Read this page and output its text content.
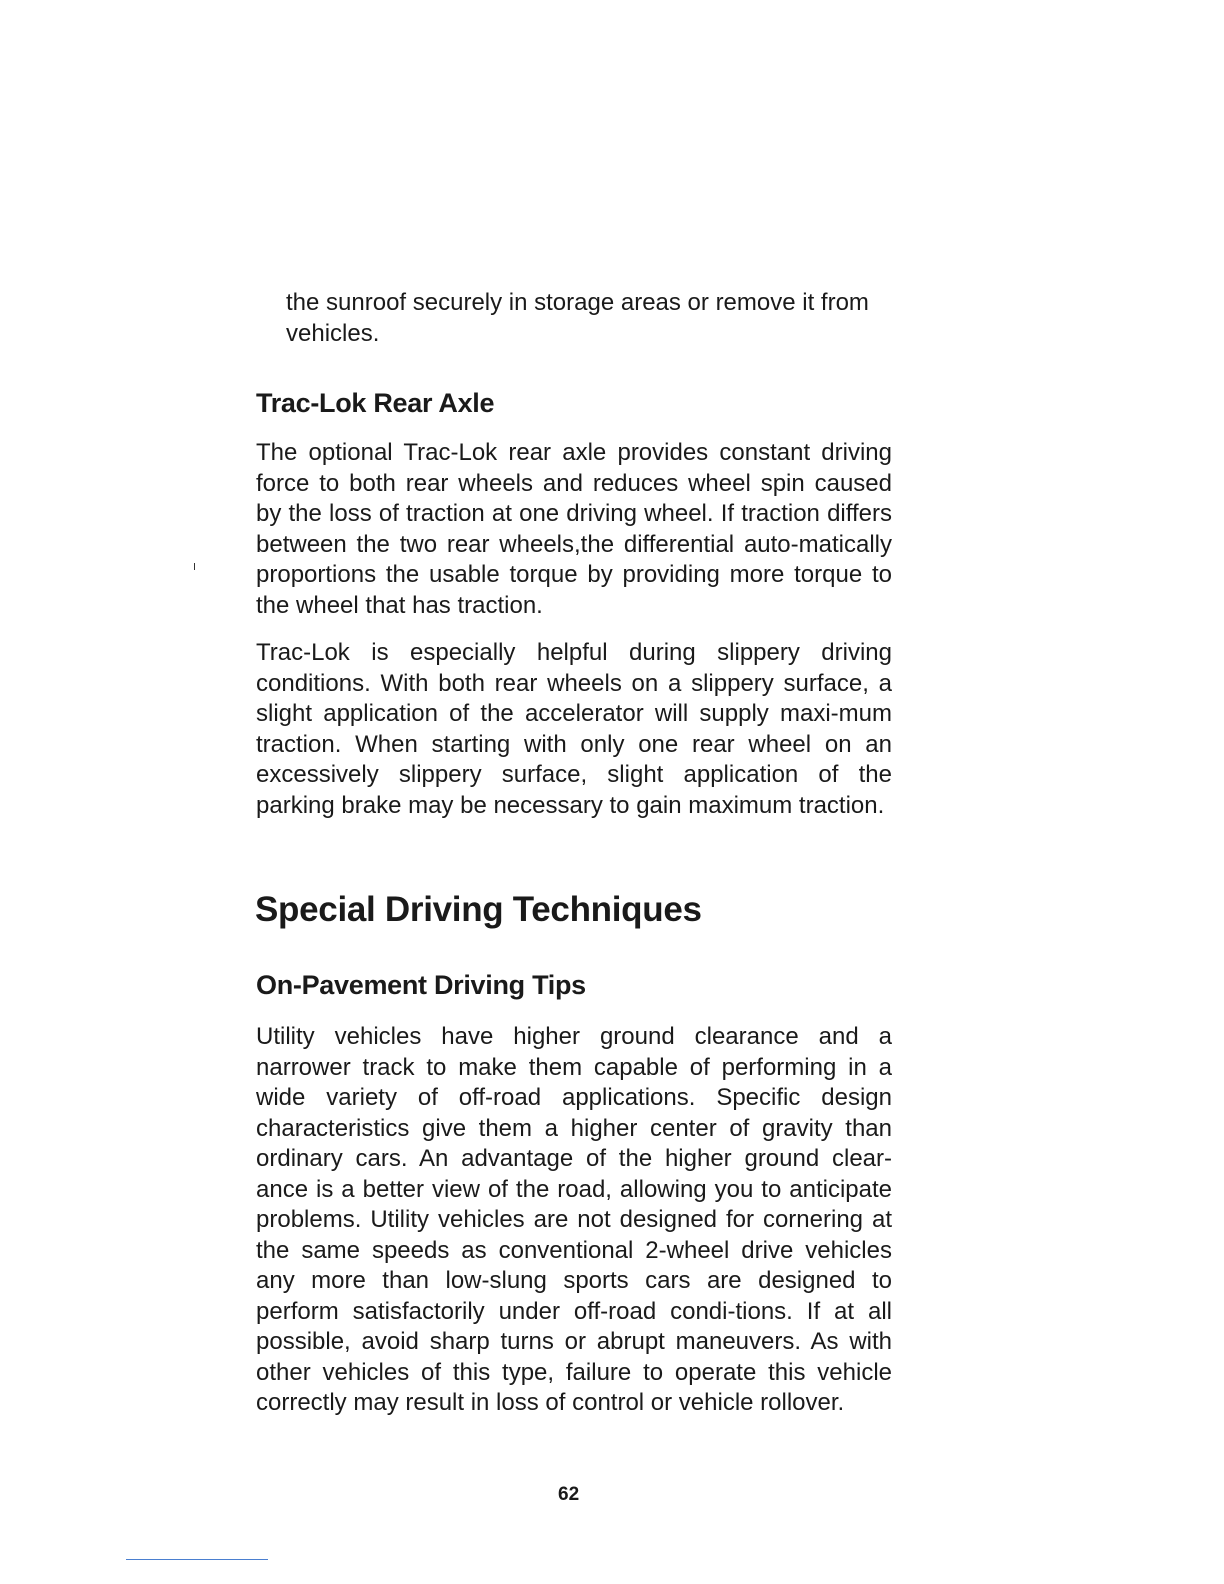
the sunroof securely in storage areas or remove it from vehicles.

Trac-Lok Rear Axle

The optional Trac-Lok rear axle provides constant driving force to both rear wheels and reduces wheel spin caused by the loss of traction at one driving wheel. If traction differs between the two rear wheels,the differential auto-matically proportions the usable torque by providing more torque to the wheel that has traction.

Trac-Lok is especially helpful during slippery driving conditions. With both rear wheels on a slippery surface, a slight application of the accelerator will supply maxi-mum traction. When starting with only one rear wheel on an excessively slippery surface, slight application of the parking brake may be necessary to gain maximum traction.

Special Driving Techniques
On-Pavement Driving Tips

Utility vehicles have higher ground clearance and a narrower track to make them capable of performing in a wide variety of off-road applications. Specific design characteristics give them a higher center of gravity than ordinary cars. An advantage of the higher ground clear-ance is a better view of the road, allowing you to anticipate problems. Utility vehicles are not designed for cornering at the same speeds as conventional 2-wheel drive vehicles any more than low-slung sports cars are designed to perform satisfactorily under off-road condi-tions. If at all possible, avoid sharp turns or abrupt maneuvers. As with other vehicles of this type, failure to operate this vehicle correctly may result in loss of control or vehicle rollover.

62
